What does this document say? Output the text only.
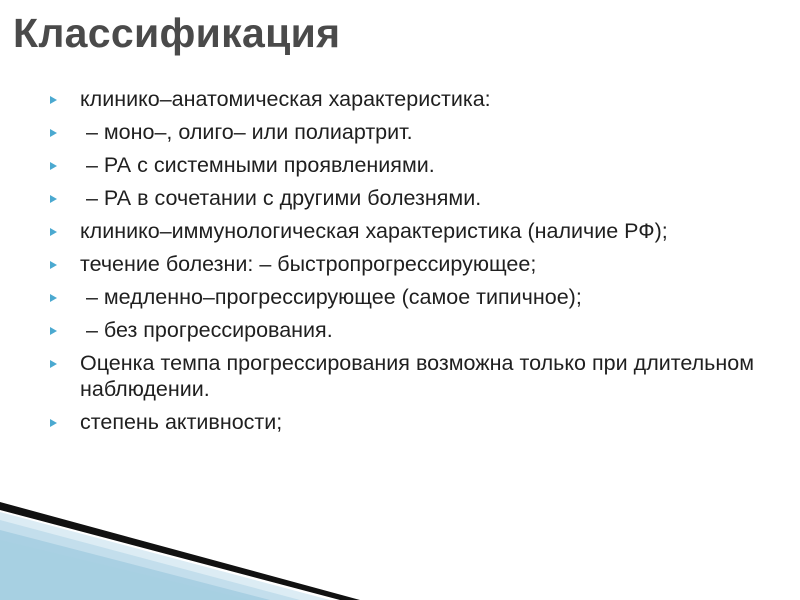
Классификация
клинико–анатомическая характеристика:
– моно–, олиго– или полиартрит.
– РА с системными проявлениями.
– РА в сочетании с другими болезнями.
клинико–иммунологическая характеристика (наличие РФ);
течение болезни: – быстропрогрессирующее;
– медленно–прогрессирующее (самое типичное);
– без прогрессирования.
Оценка темпа прогрессирования возможна только при длительном наблюдении.
степень активности;
